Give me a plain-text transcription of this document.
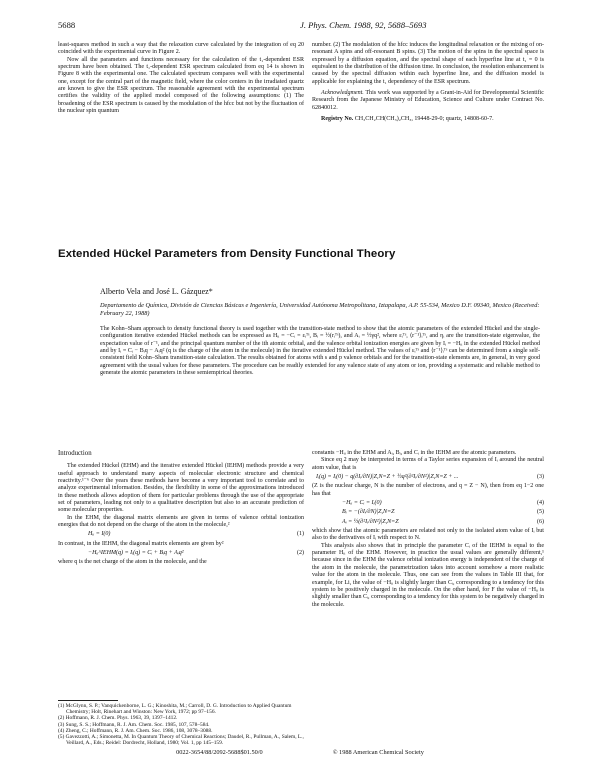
5688	J. Phys. Chem. 1988, 92, 5688–5693

least-squares method in such a way that the relaxation curve calculated by the integration of eq 20 coincided with the experimental curve in Figure 2.

Now all the parameters and functions necessary for the calculation of the t₁-dependent ESR spectrum have been obtained. The t₁-dependent ESR spectrum calculated from eq 14 is shown in Figure 8 with the experimental one. The calculated spectrum compares well with the experimental one, except for the central part of the magnetic field, where the color centers in the irradiated quartz are known to give the ESR spectrum. The reasonable agreement with the experimental spectrum certifies the validity of the applied model composed of the following assumptions: (1) The broadening of the ESR spectrum is caused by the modulation of the hfcc but not by the fluctuation of the nuclear spin quantum

number. (2) The modulation of the hfcc induces the longitudinal relaxation or the mixing of on-resonant A spins and off-resonant B spins. (3) The motion of the spins in the spectral space is expressed by a diffusion equation, and the spectral shape of each hyperfine line at t₁ = 0 is equivalent to the distribution of the diffusion time. In conclusion, the resolution enhancement is caused by the spectral diffusion within each hyperfine line, and the diffusion model is applicable for explaining the t₁ dependency of the ESR spectrum.

Acknowledgment. This work was supported by a Grant-in-Aid for Developmental Scientific Research from the Japanese Ministry of Education, Science and Culture under Contract No. 62840012.

Registry No. CH₃CH₂CH(CH₃)₂CH₃, 19448-29-0; quartz, 14808-60-7.

Extended Hückel Parameters from Density Functional Theory
Alberto Vela and José L. Gázquez*
Departamento de Química, División de Ciencias Básicas e Ingeniería, Universidad Autónoma Metropolitana, Iztapalapa, A.P. 55-534, Mexico D.F. 09340, Mexico (Received: February 22, 1988)
The Kohn–Sham approach to density functional theory is used together with the transition-state method to show that the atomic parameters of the extended Hückel and the single-configuration iterative extended Hückel methods can be expressed as Hᵢᵢ = −Cᵢ = εᵢᵀˢ, Bᵢ = ½(rᵢᵀˢ), and Aᵢ = ½γq², where εᵢᵀˢ, ⟨r⁻¹⟩ᵢᵀˢ, and ηᵢ are the transition-state eigenvalue, the expectation value of r⁻¹, and the principal quantum number of the ith atomic orbital, and the valence orbital ionization energies are given by Iᵢ = −Hᵢᵢ in the extended Hückel method and by Iᵢ = Cᵢ − Bᵢq − Aᵢq² (q is the charge of the atom in the molecule) in the iterative extended Hückel method. The values of εᵢᵀˢ and ⟨r⁻¹⟩ᵢᵀˢ can be determined from a single self-consistent field Kohn–Sham transition-state calculation. The results obtained for atoms with s and p valence orbitals and for the transition-state elements are, in general, in very good agreement with the usual values for these parameters. The procedure can be readily extended for any valence state of any atom or ion, providing a systematic and reliable method to generate the atomic parameters in these semiempirical theories.
Introduction

The extended Hückel (EHM) and the iterative extended Hückel (IEHM) methods provide a very useful approach to understand many aspects of molecular electronic structure and chemical reactivity.¹⁻⁶ Over the years these methods have become a very important tool to correlate and to analyze experimental information. Besides, the flexibility in some of the approximations introduced in these methods allows adoption of them for particular problems through the use of the appropriate set of parameters, leading not only to a qualitative description but also to an accurate prediction of some molecular properties.

In the EHM, the diagonal matrix elements are given in terms of valence orbital ionization energies that do not depend on the charge of the atom in the molecule,²

Hᵢᵢ = I(0)	(1)

In contrast, in the IEHM, the diagonal matrix elements are given by²

−Hᵢᵢ^IEHM(q) = Iᵢ(q) = Cᵢ + Bᵢq + Aᵢq²	(2)

where q is the net charge of the atom in the molecule, and the

constants −Hᵢᵢ in the EHM and Aᵢ, Bᵢ, and Cᵢ in the IEHM are the atomic parameters.

Since eq 2 may be interpreted in terms of a Taylor series expansion of Iᵢ around the neutral atom value, that is

Iᵢ(q) = Iᵢ(0) − q(∂Iᵢ/∂N)|Z,N=Z + ½q²(∂²Iᵢ/∂N²)|Z,N=Z + ...	(3)

(Z is the nuclear charge, N is the number of electrons, and q = Z − N), then from eq 1−2 one has that

−Hᵢᵢ = Cᵢ = Iᵢ(0)	(4)
Bᵢ = −(∂Iᵢ/∂N)|Z,N=Z	(5)
Aᵢ = ½(∂²Iᵢ/∂N²)|Z,N=Z	(6)

which show that the atomic parameters are related not only to the isolated atom value of Iᵢ but also to the derivatives of Iᵢ with respect to N.

This analysis also shows that in principle the parameter Cᵢ of the IEHM is equal to the parameter Hᵢᵢ of the EHM. However, in practice the usual values are generally different,¹ because since in the EHM the valence orbital ionization energy is independent of the charge of the atom in the molecule, the parametrization takes into account somehow a more realistic value for the atom in the molecule. Thus, one can see from the values in Table III that, for example, for Li, the value of −Hᵢᵢ is slightly larger than Cᵢ, corresponding to a tendency for this system to be positively charged in the molecule. On the other hand, for F the value of −Hᵢᵢ is slightly smaller than Cᵢ, corresponding to a tendency for this system to be negatively charged in the molecule.

(1) McGlynn, S. P.; Vanquickenborne, L. G.; Kinoshita, M.; Carroll, D. G. Introduction to Applied Quantum Chemistry; Holt, Rinehart and Winston: New York, 1972; pp 97–156.
(2) Hoffmann, R. J. Chem. Phys. 1963, 39, 1397–1412.
(3) Sung, S. S.; Hoffmann, R. J. Am. Chem. Soc. 1985, 107, 578–584.
(4) Zheng, C.; Hoffmann, R. J. Am. Chem. Soc. 1986, 108, 3078–3088.
(5) Gavezzotti, A.; Simonetta, M. In Quantum Theory of Chemical Reactions; Daudel, R., Pullman, A., Salem, L., Veillard, A., Eds.; Reidel: Dordrecht, Holland, 1980; Vol. 1, pp 145–159.
0022-3654/88/2092-5688$01.50/0	© 1988 American Chemical Society
